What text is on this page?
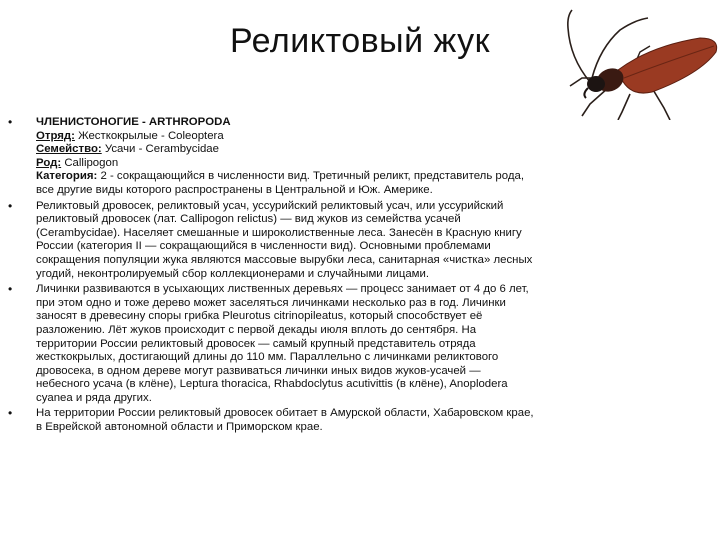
Реликтовый жук
• ЧЛЕНИСТОНОГИЕ - ARTHROPODA
Отряд: Жесткокрылые - Coleoptera
Семейство: Усачи - Cerambycidae
Род: Callipogon
Категория: 2 - сокращающийся в численности вид. Третичный реликт, представитель рода,
все другие виды которого распространены в Центральной и Юж. Америке.
• Реликтовый дровосек, реликтовый усач, уссурийский реликтовый усач, или уссурийский
реликтовый дровосек (лат. Callipogon relictus) — вид жуков из семейства усачей
(Cerambycidae). Населяет смешанные и широколиственные леса. Занесён в Красную книгу
России (категория II — сокращающийся в численности вид). Основными проблемами
сокращения популяции жука являются массовые вырубки леса, санитарная «чистка» лесных
угодий, неконтролируемый сбор коллекционерами и случайными лицами.
• Личинки развиваются в усыхающих лиственных деревьях — процесс занимает от 4 до 6 лет,
при этом одно и тоже дерево может заселяться личинками несколько раз в год. Личинки
заносят в древесину споры грибка Pleurotus citrinopileatus, который способствует её
разложению. Лёт жуков происходит с первой декады июля вплоть до сентября. На
территории России реликтовый дровосек — самый крупный представитель отряда
жесткокрылых, достигающий длины до 110 мм. Параллельно с личинками реликтового
дровосека, в одном дереве могут развиваться личинки иных видов жуков-усачей —
небесного усача (в клёне), Leptura thoracica, Rhabdoclytus acutivittis (в клёне), Anoplodera
cyanea и ряда других.
• На территории России реликтовый дровосек обитает в Амурской области, Хабаровском крае,
в Еврейской автономной области и Приморском крае.
